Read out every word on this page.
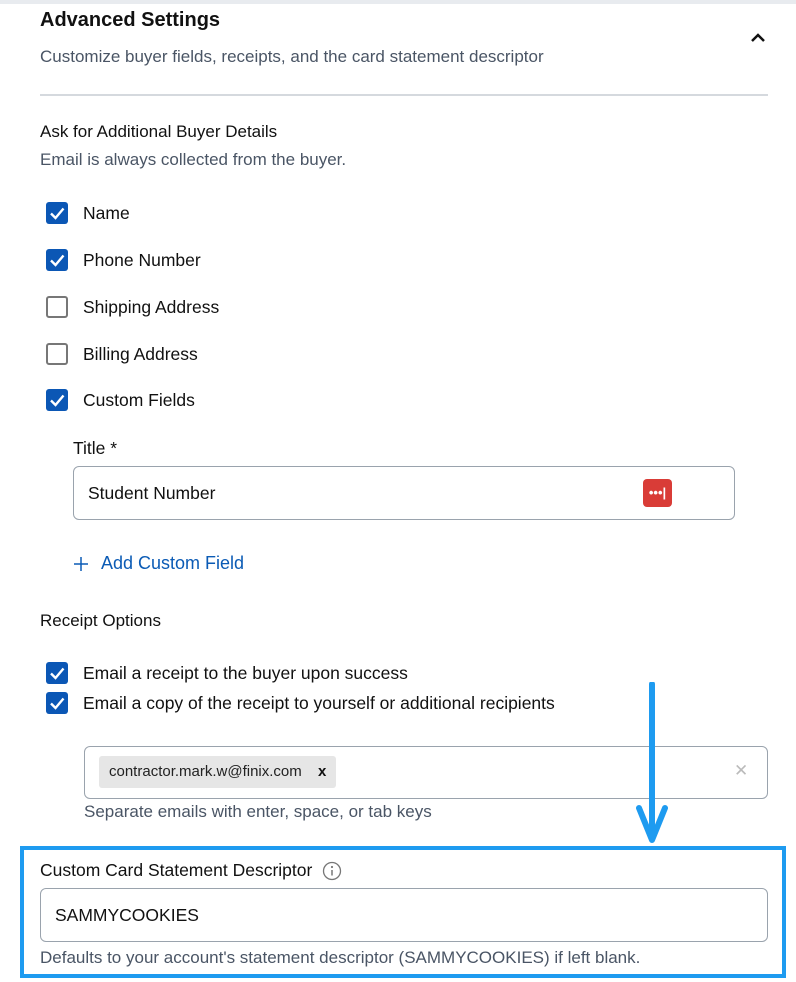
Advanced Settings
Customize buyer fields, receipts, and the card statement descriptor
Ask for Additional Buyer Details
Email is always collected from the buyer.
Name
Phone Number
Shipping Address
Billing Address
Custom Fields
Title *
Student Number	•••|
Add Custom Field
Receipt Options
Email a receipt to the buyer upon success
Email a copy of the receipt to yourself or additional recipients
contractor.mark.w@finix.com x	✕
Separate emails with enter, space, or tab keys
Custom Card Statement Descriptor
SAMMYCOOKIES
Defaults to your account's statement descriptor (SAMMYCOOKIES) if left blank.
